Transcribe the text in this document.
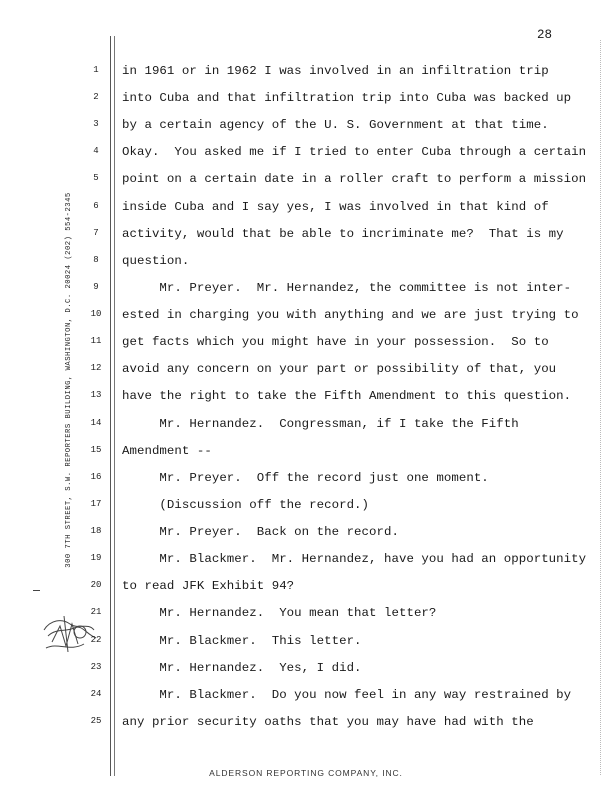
28
300 7TH STREET, S.W. REPORTERS BUILDING, WASHINGTON, D.C. 20024 (202) 554-2345
1	in 1961 or in 1962 I was involved in an infiltration trip
2	into Cuba and that infiltration trip into Cuba was backed up
3	by a certain agency of the U. S. Government at that time.
4	Okay.  You asked me if I tried to enter Cuba through a certain
5	point on a certain date in a roller craft to perform a mission
6	inside Cuba and I say yes, I was involved in that kind of
7	activity, would that be able to incriminate me?  That is my
8	question.
9	Mr. Preyer.  Mr. Hernandez, the committee is not inter-
10	ested in charging you with anything and we are just trying to
11	get facts which you might have in your possession.  So to
12	avoid any concern on your part or possibility of that, you
13	have the right to take the Fifth Amendment to this question.
14	Mr. Hernandez.  Congressman, if I take the Fifth
15	Amendment --
16	Mr. Preyer.  Off the record just one moment.
17	(Discussion off the record.)
18	Mr. Preyer.  Back on the record.
19	Mr. Blackmer.  Mr. Hernandez, have you had an opportunity
20	to read JFK Exhibit 94?
21	Mr. Hernandez.  You mean that letter?
22	Mr. Blackmer.  This letter.
23	Mr. Hernandez.  Yes, I did.
24	Mr. Blackmer.  Do you now feel in any way restrained by
25	any prior security oaths that you may have had with the
ALDERSON REPORTING COMPANY, INC.
